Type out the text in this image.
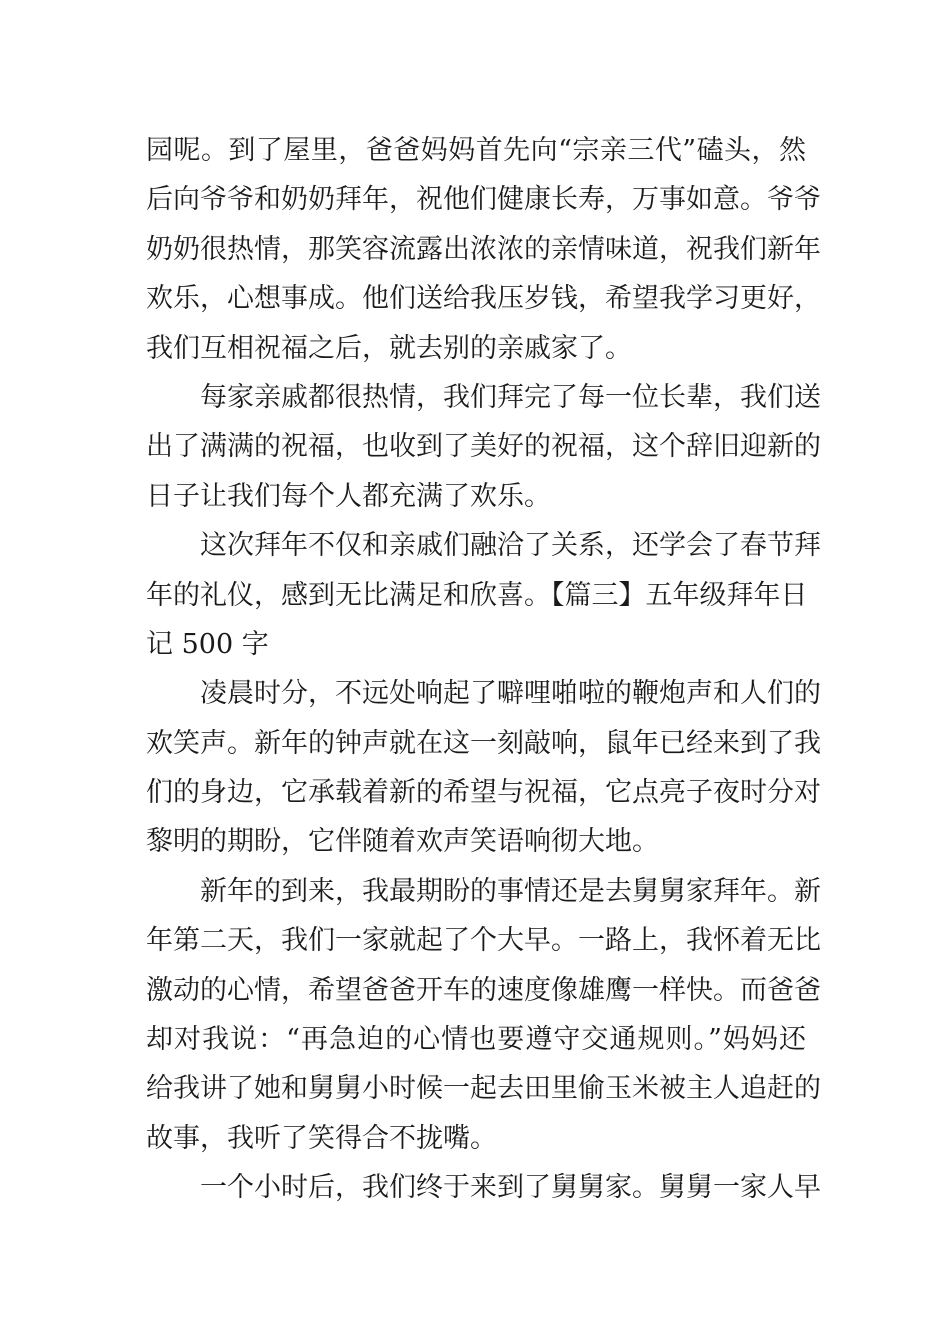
园呢。到了屋里，爸爸妈妈首先向“宗亲三代”磕头，然
后向爷爷和奶奶拜年，祝他们健康长寿，万事如意。爷爷
奶奶很热情，那笑容流露出浓浓的亲情味道，祝我们新年
欢乐，心想事成。他们送给我压岁钱，希望我学习更好，
我们互相祝福之后，就去别的亲戚家了。
每家亲戚都很热情，我们拜完了每一位长辈，我们送
出了满满的祝福，也收到了美好的祝福，这个辞旧迎新的
日子让我们每个人都充满了欢乐。
这次拜年不仅和亲戚们融洽了关系，还学会了春节拜
年的礼仪，感到无比满足和欣喜。【篇三】五年级拜年日
记 500 字
凌晨时分，不远处响起了噼哩啪啦的鞭炮声和人们的
欢笑声。新年的钟声就在这一刻敲响，鼠年已经来到了我
们的身边，它承载着新的希望与祝福，它点亮子夜时分对
黎明的期盼，它伴随着欢声笑语响彻大地。
新年的到来，我最期盼的事情还是去舅舅家拜年。新
年第二天，我们一家就起了个大早。一路上，我怀着无比
激动的心情，希望爸爸开车的速度像雄鹰一样快。而爸爸
却对我说：“再急迫的心情也要遵守交通规则。”妈妈还
给我讲了她和舅舅小时候一起去田里偷玉米被主人追赶的
故事，我听了笑得合不拢嘴。
一个小时后，我们终于来到了舅舅家。舅舅一家人早
